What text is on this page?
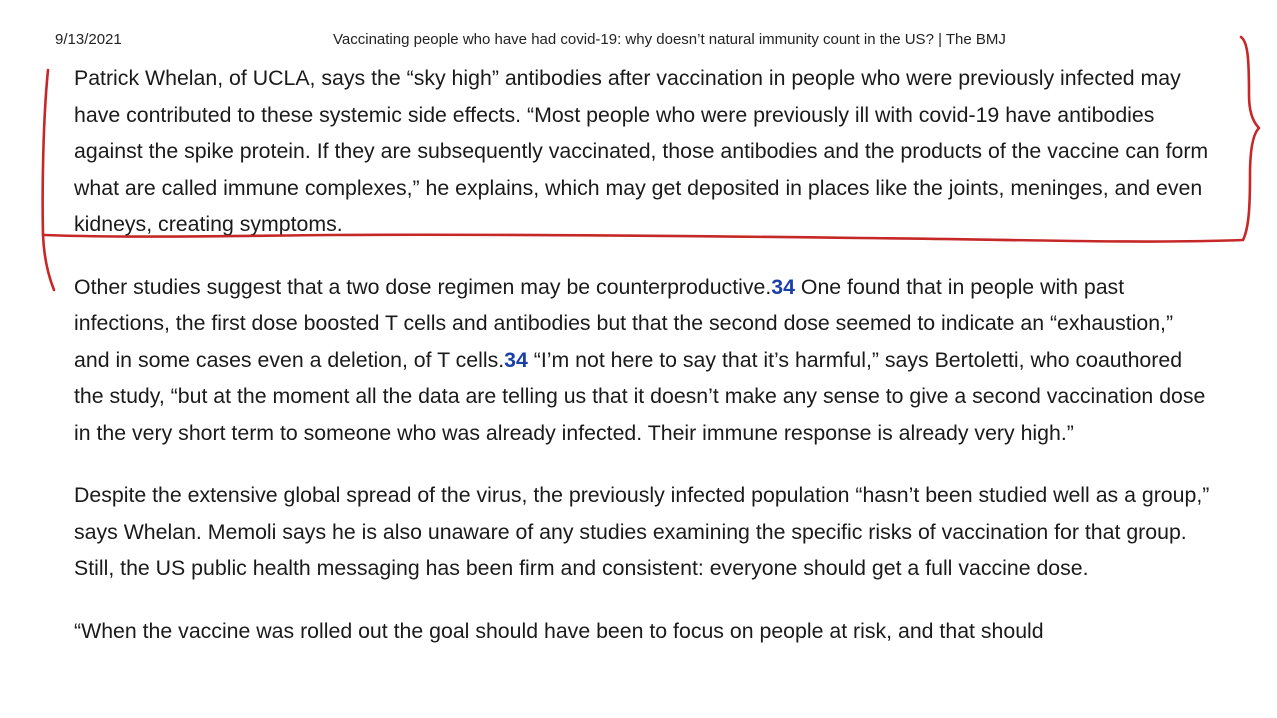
9/13/2021	Vaccinating people who have had covid-19: why doesn’t natural immunity count in the US? | The BMJ

Patrick Whelan, of UCLA, says the “sky high” antibodies after vaccination in people who were previously infected may have contributed to these systemic side effects. “Most people who were previously ill with covid-19 have antibodies against the spike protein. If they are subsequently vaccinated, those antibodies and the products of the vaccine can form what are called immune complexes,” he explains, which may get deposited in places like the joints, meninges, and even kidneys, creating symptoms.

Other studies suggest that a two dose regimen may be counterproductive.34 One found that in people with past infections, the first dose boosted T cells and antibodies but that the second dose seemed to indicate an “exhaustion,” and in some cases even a deletion, of T cells.34 “I’m not here to say that it’s harmful,” says Bertoletti, who coauthored the study, “but at the moment all the data are telling us that it doesn’t make any sense to give a second vaccination dose in the very short term to someone who was already infected. Their immune response is already very high.”

Despite the extensive global spread of the virus, the previously infected population “hasn’t been studied well as a group,” says Whelan. Memoli says he is also unaware of any studies examining the specific risks of vaccination for that group. Still, the US public health messaging has been firm and consistent: everyone should get a full vaccine dose.

“When the vaccine was rolled out the goal should have been to focus on people at risk, and that should
